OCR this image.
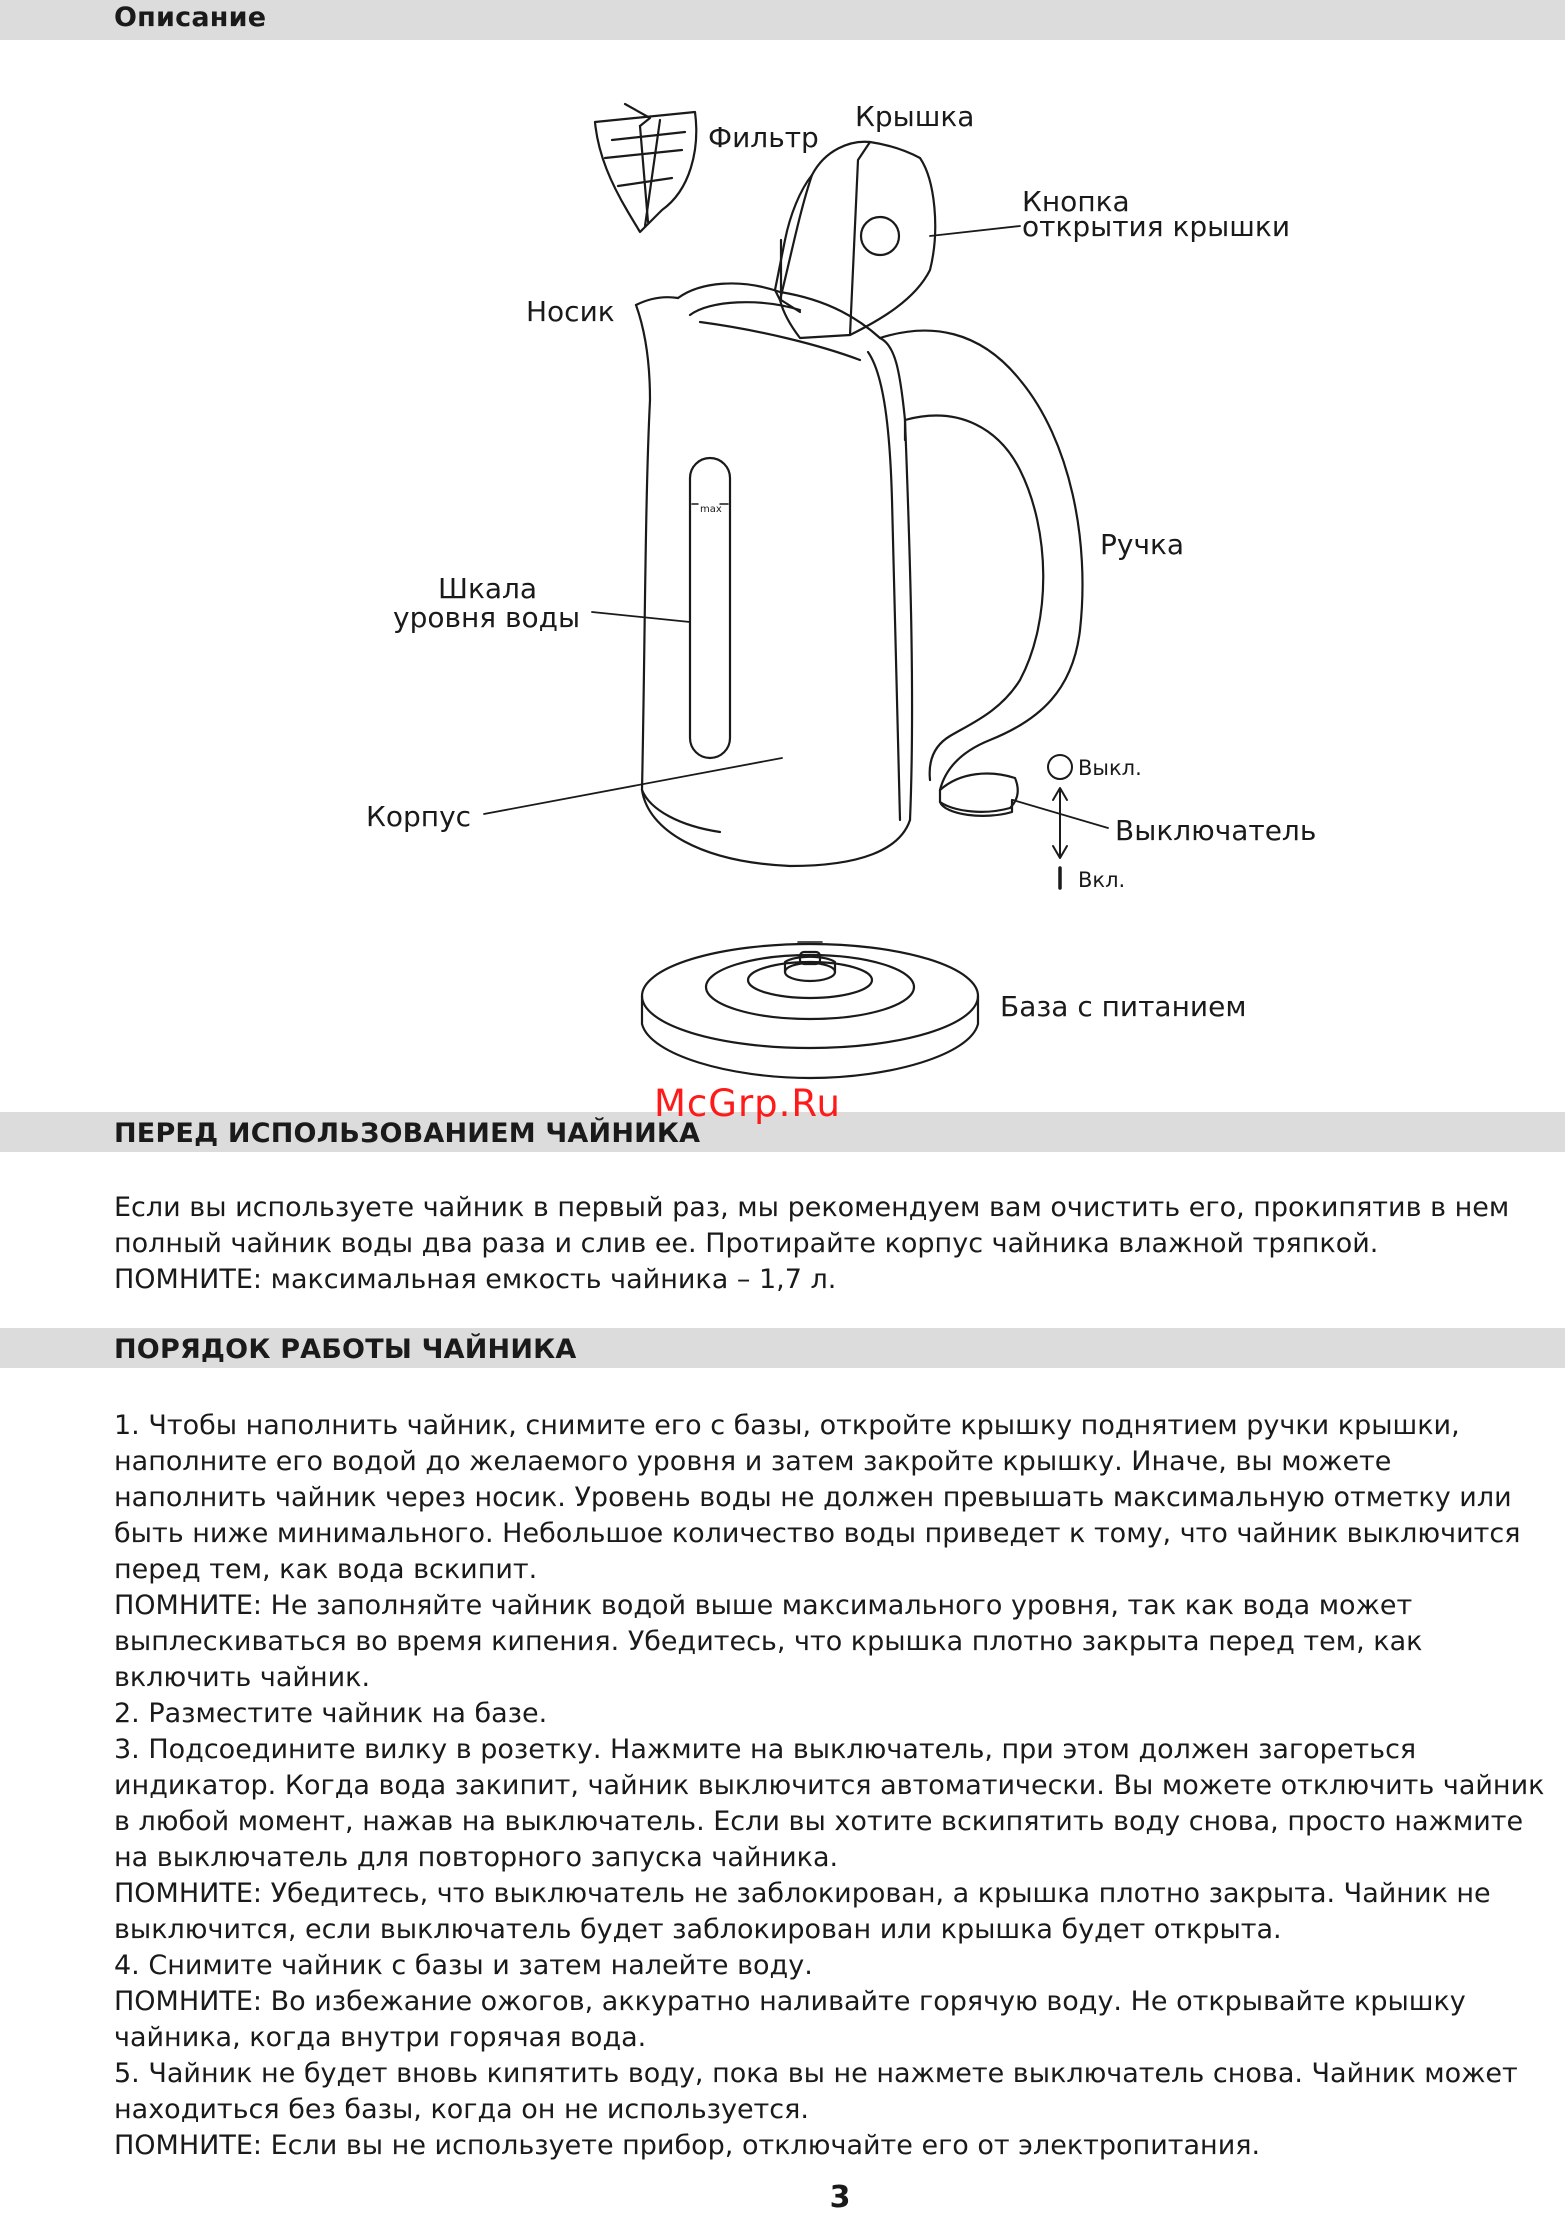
Описание
max
Фильтр
Крышка
Кнопка
открытия крышки
Носик
Ручка
Шкала
уровня воды
Корпус
Выкл.
Выключатель
Вкл.
База с питанием
ПЕРЕД ИСПОЛЬЗОВАНИЕМ ЧАЙНИКА
McGrp.Ru
Если вы используете чайник в первый раз, мы рекомендуем вам очистить его, прокипятив в нем
полный чайник воды два раза и слив ее. Протирайте корпус чайника влажной тряпкой.
ПОМНИТЕ: максимальная емкость чайника – 1,7 л.
ПОРЯДОК РАБОТЫ ЧАЙНИКА
1. Чтобы наполнить чайник, снимите его с базы, откройте крышку поднятием ручки крышки,
наполните его водой до желаемого уровня и затем закройте крышку. Иначе, вы можете
наполнить чайник через носик. Уровень воды не должен превышать максимальную отметку или
быть ниже минимального. Небольшое количество воды приведет к тому, что чайник выключится
перед тем, как вода вскипит.
ПОМНИТЕ: Не заполняйте чайник водой выше максимального уровня, так как вода может
выплескиваться во время кипения. Убедитесь, что крышка плотно закрыта перед тем, как
включить чайник.
2. Разместите чайник на базе.
3. Подсоедините вилку в розетку. Нажмите на выключатель, при этом должен загореться
индикатор. Когда вода закипит, чайник выключится автоматически. Вы можете отключить чайник
в любой момент, нажав на выключатель. Если вы хотите вскипятить воду снова, просто нажмите
на выключатель для повторного запуска чайника.
ПОМНИТЕ: Убедитесь, что выключатель не заблокирован, а крышка плотно закрыта. Чайник не
выключится, если выключатель будет заблокирован или крышка будет открыта.
4. Снимите чайник с базы и затем налейте воду.
ПОМНИТЕ: Во избежание ожогов, аккуратно наливайте горячую воду. Не открывайте крышку
чайника, когда внутри горячая вода.
5. Чайник не будет вновь кипятить воду, пока вы не нажмете выключатель снова. Чайник может
находиться без базы, когда он не используется.
ПОМНИТЕ: Если вы не используете прибор, отключайте его от электропитания.
3
